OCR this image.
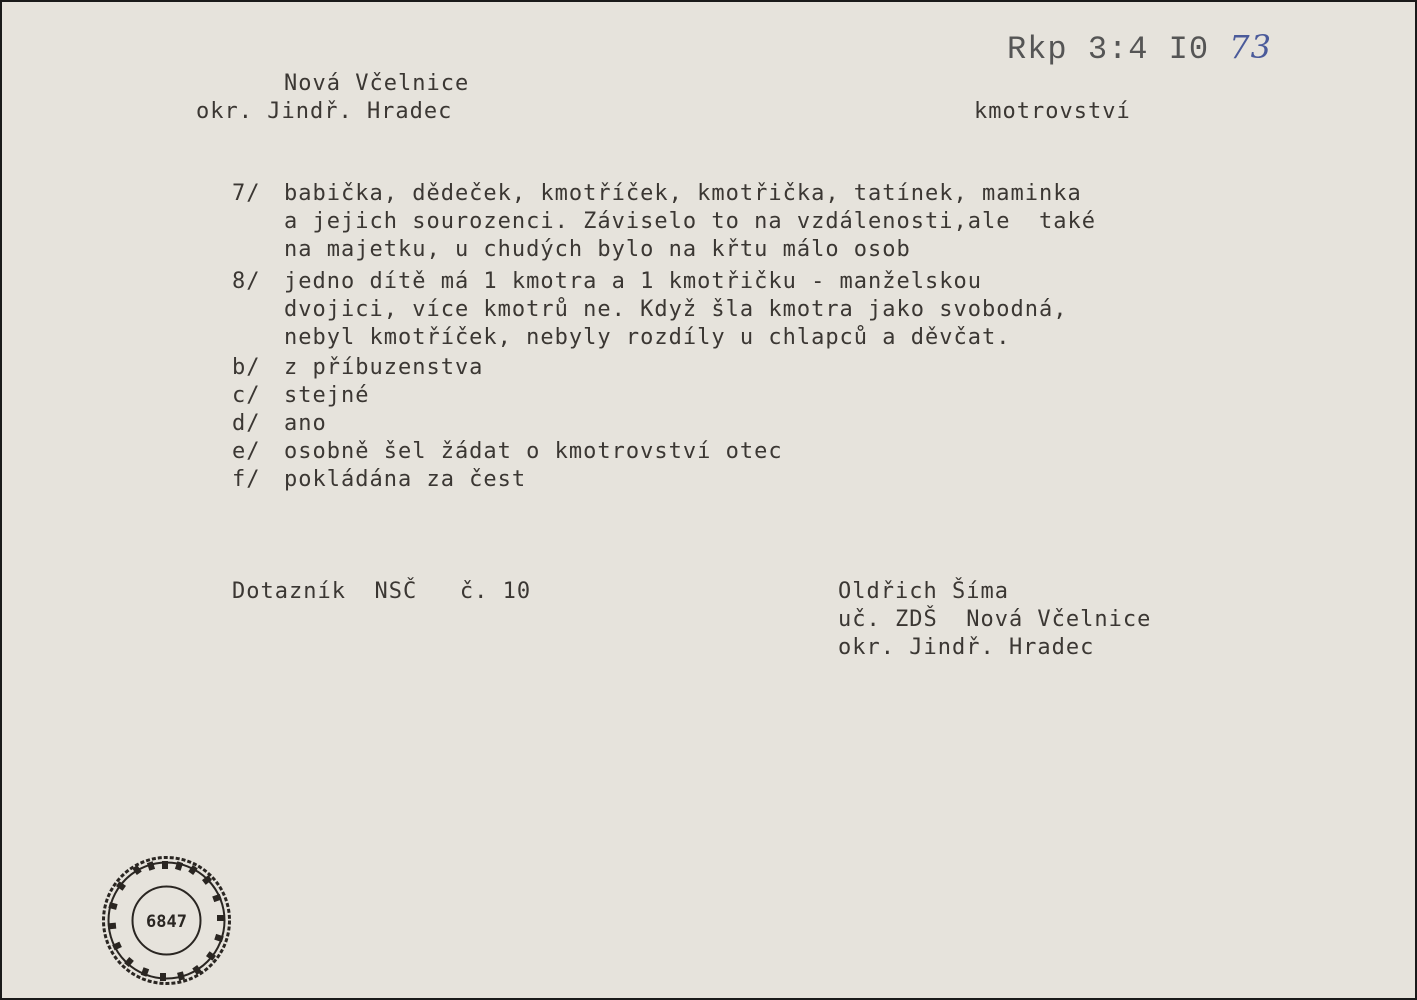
Rkp 3:4 I0 73
Nová Včelnice
okr. Jindř. Hradec	kmotrovství
7/ babička, dědeček, kmotříček, kmotřička, tatínek, maminka
a jejich sourozenci. Záviselo to na vzdálenosti,ale  také
na majetku, u chudých bylo na křtu málo osob
8/ jedno dítě má 1 kmotra a 1 kmotřičku - manželskou
dvojici, více kmotrů ne. Když šla kmotra jako svobodná,
nebyl kmotříček, nebyly rozdíly u chlapců a děvčat.
b/ z příbuzenstva
c/ stejné
d/ ano
e/ osobně šel žádat o kmotrovství otec
f/ pokládána za čest
Dotazník  NSČ   č. 10	Oldřich Šíma
uč. ZDŠ  Nová Včelnice
okr. Jindř. Hradec
6847
